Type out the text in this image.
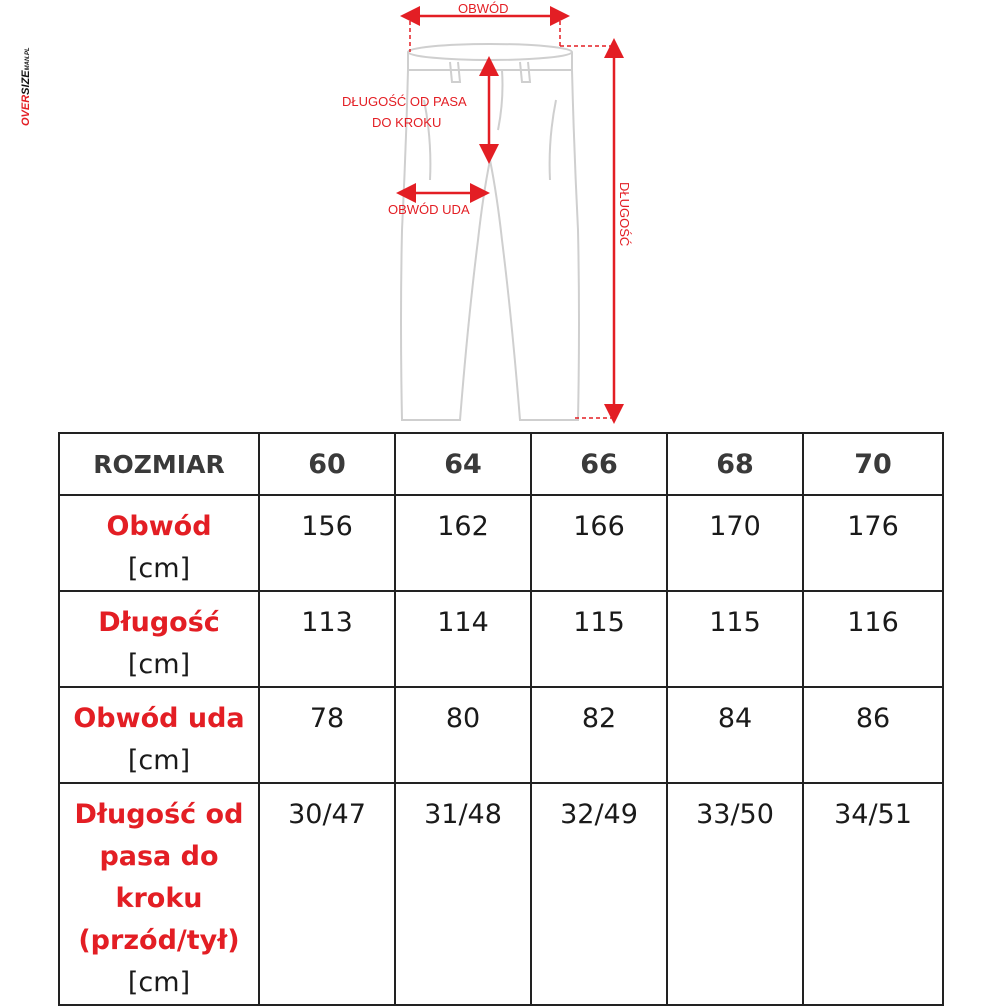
OVERSIZEMAN.PL
OBWÓD
DŁUGOŚĆ OD PASA
DO KROKU
OBWÓD UDA	DŁUGOŚĆ
ROZMIAR	60	64	66	68	70

Obwód
[cm]	156	162	166	170	176

Długość
[cm]	113	114	115	115	116

Obwód uda
[cm]	78	80	82	84	86

Długość od
pasa do
kroku
(przód/tył)
[cm]	30/47	31/48	32/49	33/50	34/51
